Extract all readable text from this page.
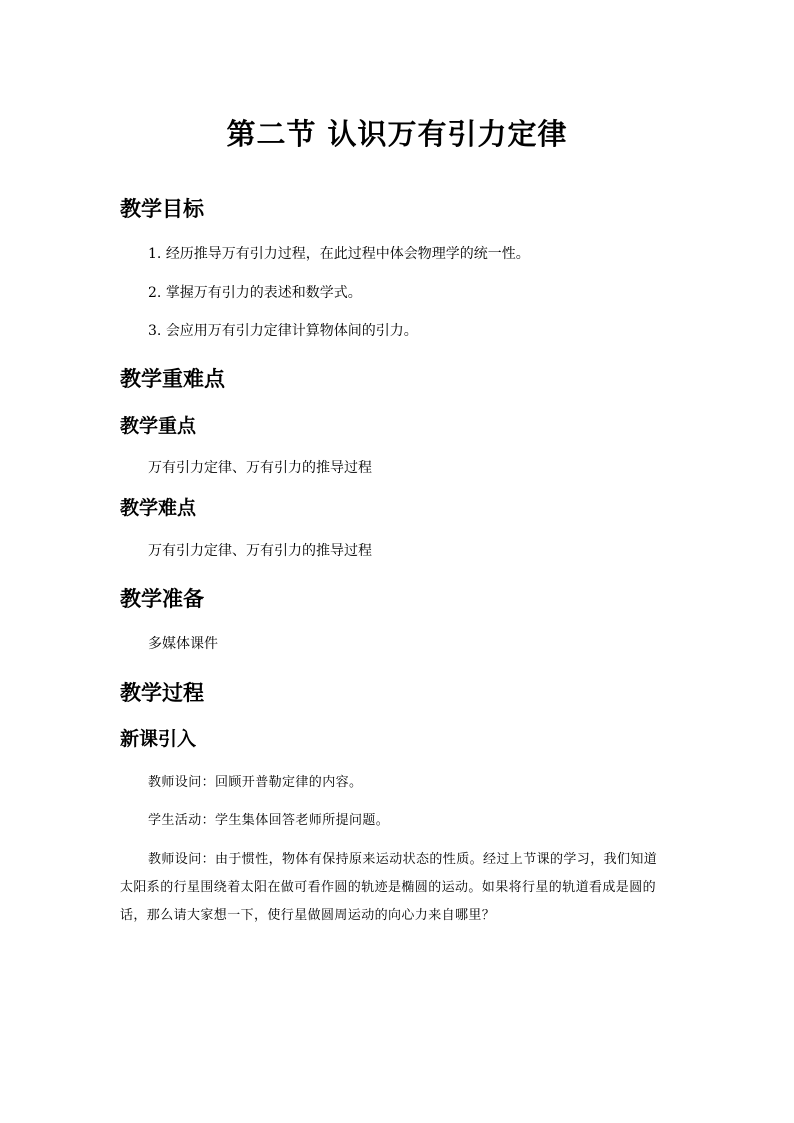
第二节 认识万有引力定律
教学目标

1. 经历推导万有引力过程，在此过程中体会物理学的统一性。

2. 掌握万有引力的表述和数学式。

3. 会应用万有引力定律计算物体间的引力。

教学重难点
教学重点

万有引力定律、万有引力的推导过程

教学难点

万有引力定律、万有引力的推导过程

教学准备

多媒体课件

教学过程
新课引入

教师设问：回顾开普勒定律的内容。

学生活动：学生集体回答老师所提问题。

教师设问：由于惯性，物体有保持原来运动状态的性质。经过上节课的学习，我们知道

太阳系的行星围绕着太阳在做可看作圆的轨迹是椭圆的运动。如果将行星的轨道看成是圆的

话，那么请大家想一下，使行星做圆周运动的向心力来自哪里？
